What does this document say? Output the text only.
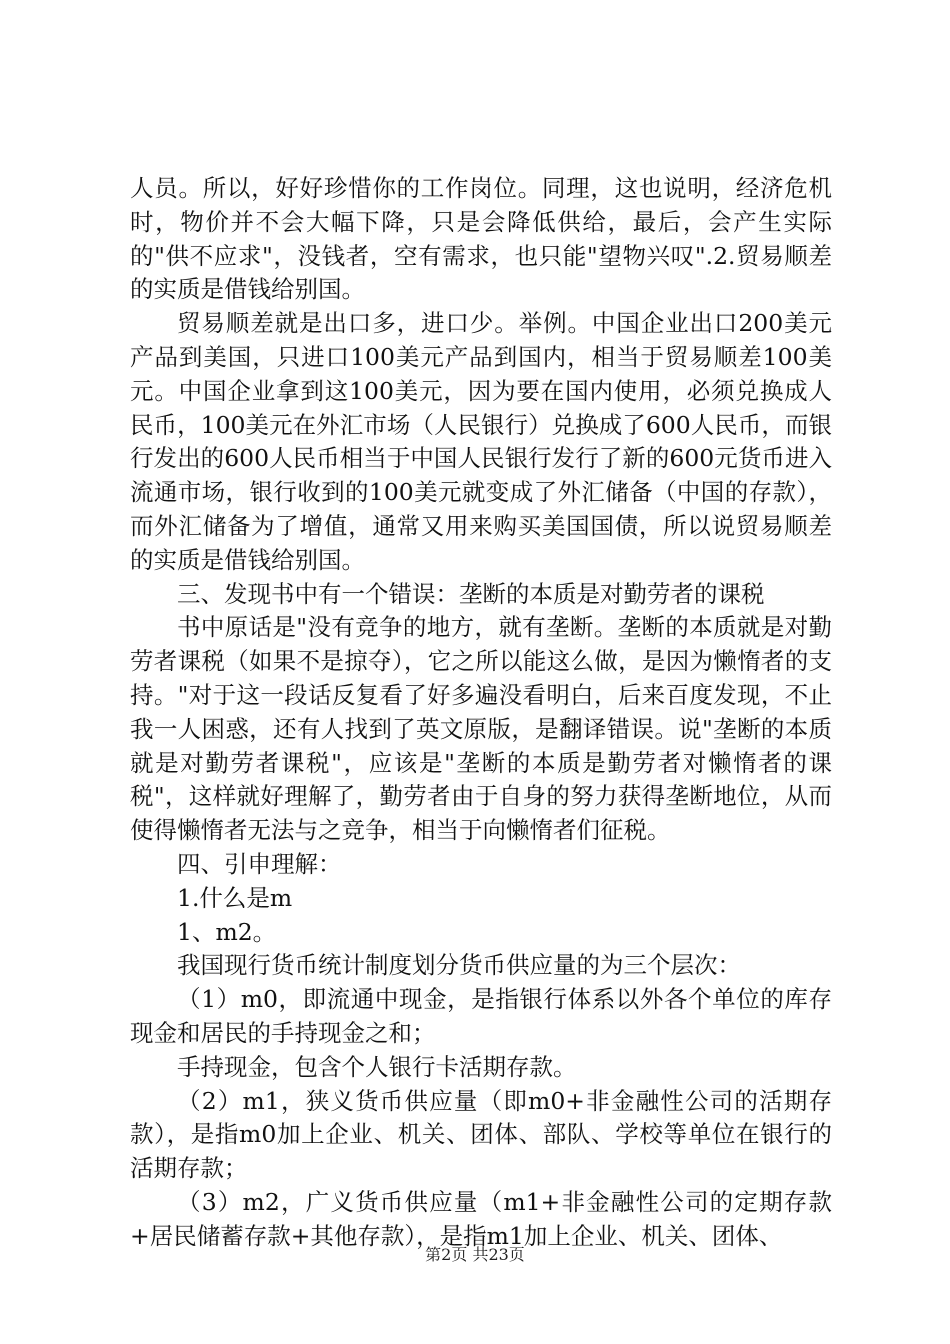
人员。所以，好好珍惜你的工作岗位。同理，这也说明，经济危机时，物价并不会大幅下降，只是会降低供给，最后，会产生实际的"供不应求"，没钱者，空有需求，也只能"望物兴叹".2.贸易顺差的实质是借钱给别国。

贸易顺差就是出口多，进口少。举例。中国企业出口200美元产品到美国，只进口100美元产品到国内，相当于贸易顺差100美元。中国企业拿到这100美元，因为要在国内使用，必须兑换成人民币，100美元在外汇市场（人民银行）兑换成了600人民币，而银行发出的600人民币相当于中国人民银行发行了新的600元货币进入流通市场，银行收到的100美元就变成了外汇储备（中国的存款），而外汇储备为了增值，通常又用来购买美国国债，所以说贸易顺差的实质是借钱给别国。

三、发现书中有一个错误：垄断的本质是对勤劳者的课税

书中原话是"没有竞争的地方，就有垄断。垄断的本质就是对勤劳者课税（如果不是掠夺），它之所以能这么做，是因为懒惰者的支持。"对于这一段话反复看了好多遍没看明白，后来百度发现，不止我一人困惑，还有人找到了英文原版，是翻译错误。说"垄断的本质就是对勤劳者课税"，应该是"垄断的本质是勤劳者对懒惰者的课税"，这样就好理解了，勤劳者由于自身的努力获得垄断地位，从而使得懒惰者无法与之竞争，相当于向懒惰者们征税。

四、引申理解：

1.什么是m

1、m2。

我国现行货币统计制度划分货币供应量的为三个层次：

（1）m0，即流通中现金，是指银行体系以外各个单位的库存现金和居民的手持现金之和；

手持现金，包含个人银行卡活期存款。

（2）m1，狭义货币供应量（即m0+非金融性公司的活期存款），是指m0加上企业、机关、团体、部队、学校等单位在银行的活期存款；

（3）m2，广义货币供应量（m1+非金融性公司的定期存款+居民储蓄存款+其他存款），是指m1加上企业、机关、团体、

第2页 共23页
